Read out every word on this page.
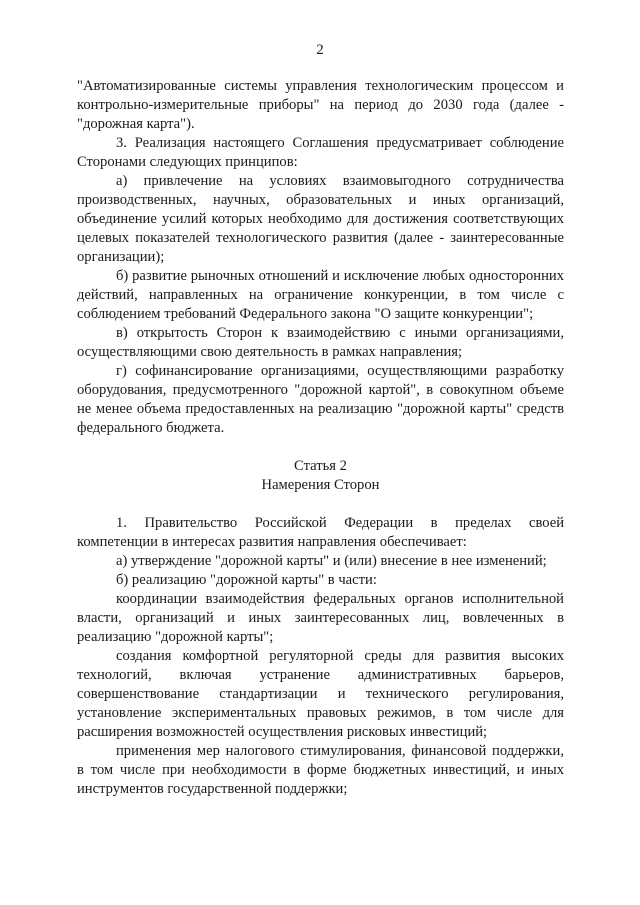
2

"Автоматизированные системы управления технологическим процессом и контрольно-измерительные приборы" на период до 2030 года (далее - "дорожная карта").

3. Реализация настоящего Соглашения предусматривает соблюдение Сторонами следующих принципов:

а) привлечение на условиях взаимовыгодного сотрудничества производственных, научных, образовательных и иных организаций, объединение усилий которых необходимо для достижения соответствующих целевых показателей технологического развития (далее - заинтересованные организации);

б) развитие рыночных отношений и исключение любых односторонних действий, направленных на ограничение конкуренции, в том числе с соблюдением требований Федерального закона "О защите конкуренции";

в) открытость Сторон к взаимодействию с иными организациями, осуществляющими свою деятельность в рамках направления;

г) софинансирование организациями, осуществляющими разработку оборудования, предусмотренного "дорожной картой", в совокупном объеме не менее объема предоставленных на реализацию "дорожной карты" средств федерального бюджета.

Статья 2
Намерения Сторон

1. Правительство Российской Федерации в пределах своей компетенции в интересах развития направления обеспечивает:

а) утверждение "дорожной карты" и (или) внесение в нее изменений;

б) реализацию "дорожной карты" в части:

координации взаимодействия федеральных органов исполнительной власти, организаций и иных заинтересованных лиц, вовлеченных в реализацию "дорожной карты";

создания комфортной регуляторной среды для развития высоких технологий, включая устранение административных барьеров, совершенствование стандартизации и технического регулирования, установление экспериментальных правовых режимов, в том числе для расширения возможностей осуществления рисковых инвестиций;

применения мер налогового стимулирования, финансовой поддержки, в том числе при необходимости в форме бюджетных инвестиций, и иных инструментов государственной поддержки;
